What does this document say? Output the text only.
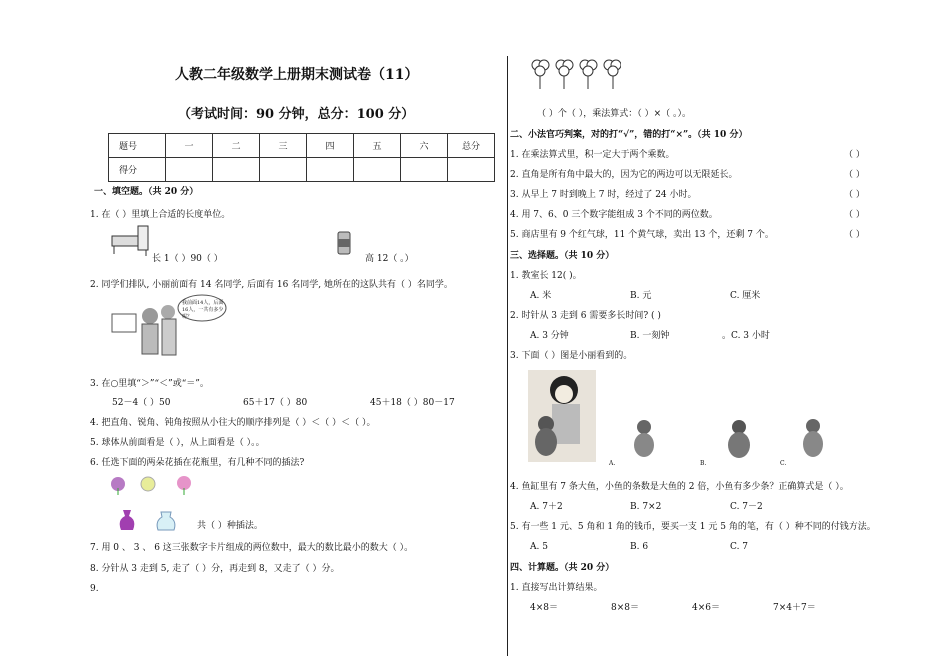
人教二年级数学上册期末测试卷（11）
（考试时间：90 分钟，总分：100 分）
题号	一	二	三	四	五	六	总分
得分							
一、填空题。（共 20 分）
1. 在（ ）里填上合适的长度单位。
长 1（ ）90（ ）	高 12（ 。）
2. 同学们排队, 小丽前面有 14 名同学, 后面有 16 名同学, 她所在的这队共有（ ）名同学。
我前面14人，后面16人，一共有多少呢？
3. 在○里填“＞”“＜”或“＝”。
52－4（ ）50	65＋17（ ）80	45＋18（ ）80－17
4. 把直角、锐角、钝角按照从小往大的顺序排列是（ ）＜（ ）＜（ ）。
5. 球体从前面看是（ ），从上面看是（ ）。。
6. 任选下面的两朵花插在花瓶里，有几种不同的插法?
共（ ）种插法。
7. 用 0 、 3 、 6 这三张数字卡片组成的两位数中，最大的数比最小的数大（ ）。
8. 分针从 3 走到 5, 走了（ ）分，再走到 8，又走了（ ）分。
9.
（ ）个（ ），乘法算式：（ ）×（ 。）。
二、小法官巧判案，对的打“√”，错的打“×”。（共 10 分）
1. 在乘法算式里，积一定大于两个乘数。	（ ）
2. 直角是所有角中最大的，因为它的两边可以无限延长。	（ ）
3. 从早上 7 时到晚上 7 时，经过了 24 小时。	（ ）
4. 用 7、6、0 三个数字能组成 3 个不同的两位数。	（ ）
5. 商店里有 9 个红气球，11 个黄气球，卖出 13 个，还剩 7 个。	（ ）
三、选择题。（共 10 分）
1. 教室长 12( )。
A. 米	B. 元	C. 厘米
2. 时针从 3 走到 6 需要多长时间? ( )
A. 3 分钟	B. 一刻钟	。C. 3 小时
3. 下面（ ）图是小丽看到的。
A.	B.	C.
4. 鱼缸里有 7 条大鱼，小鱼的条数是大鱼的 2 倍，小鱼有多少条？正确算式是（ ）。
A. 7＋2	B. 7×2	C. 7－2
5. 有一些 1 元、5 角和 1 角的钱币，要买一支 1 元 5 角的笔，有（ ）种不同的付钱方法。
A. 5	B. 6	C. 7
四、计算题。（共 20 分）
1. 直接写出计算结果。
4×8＝	8×8＝	4×6＝	7×4＋7＝
